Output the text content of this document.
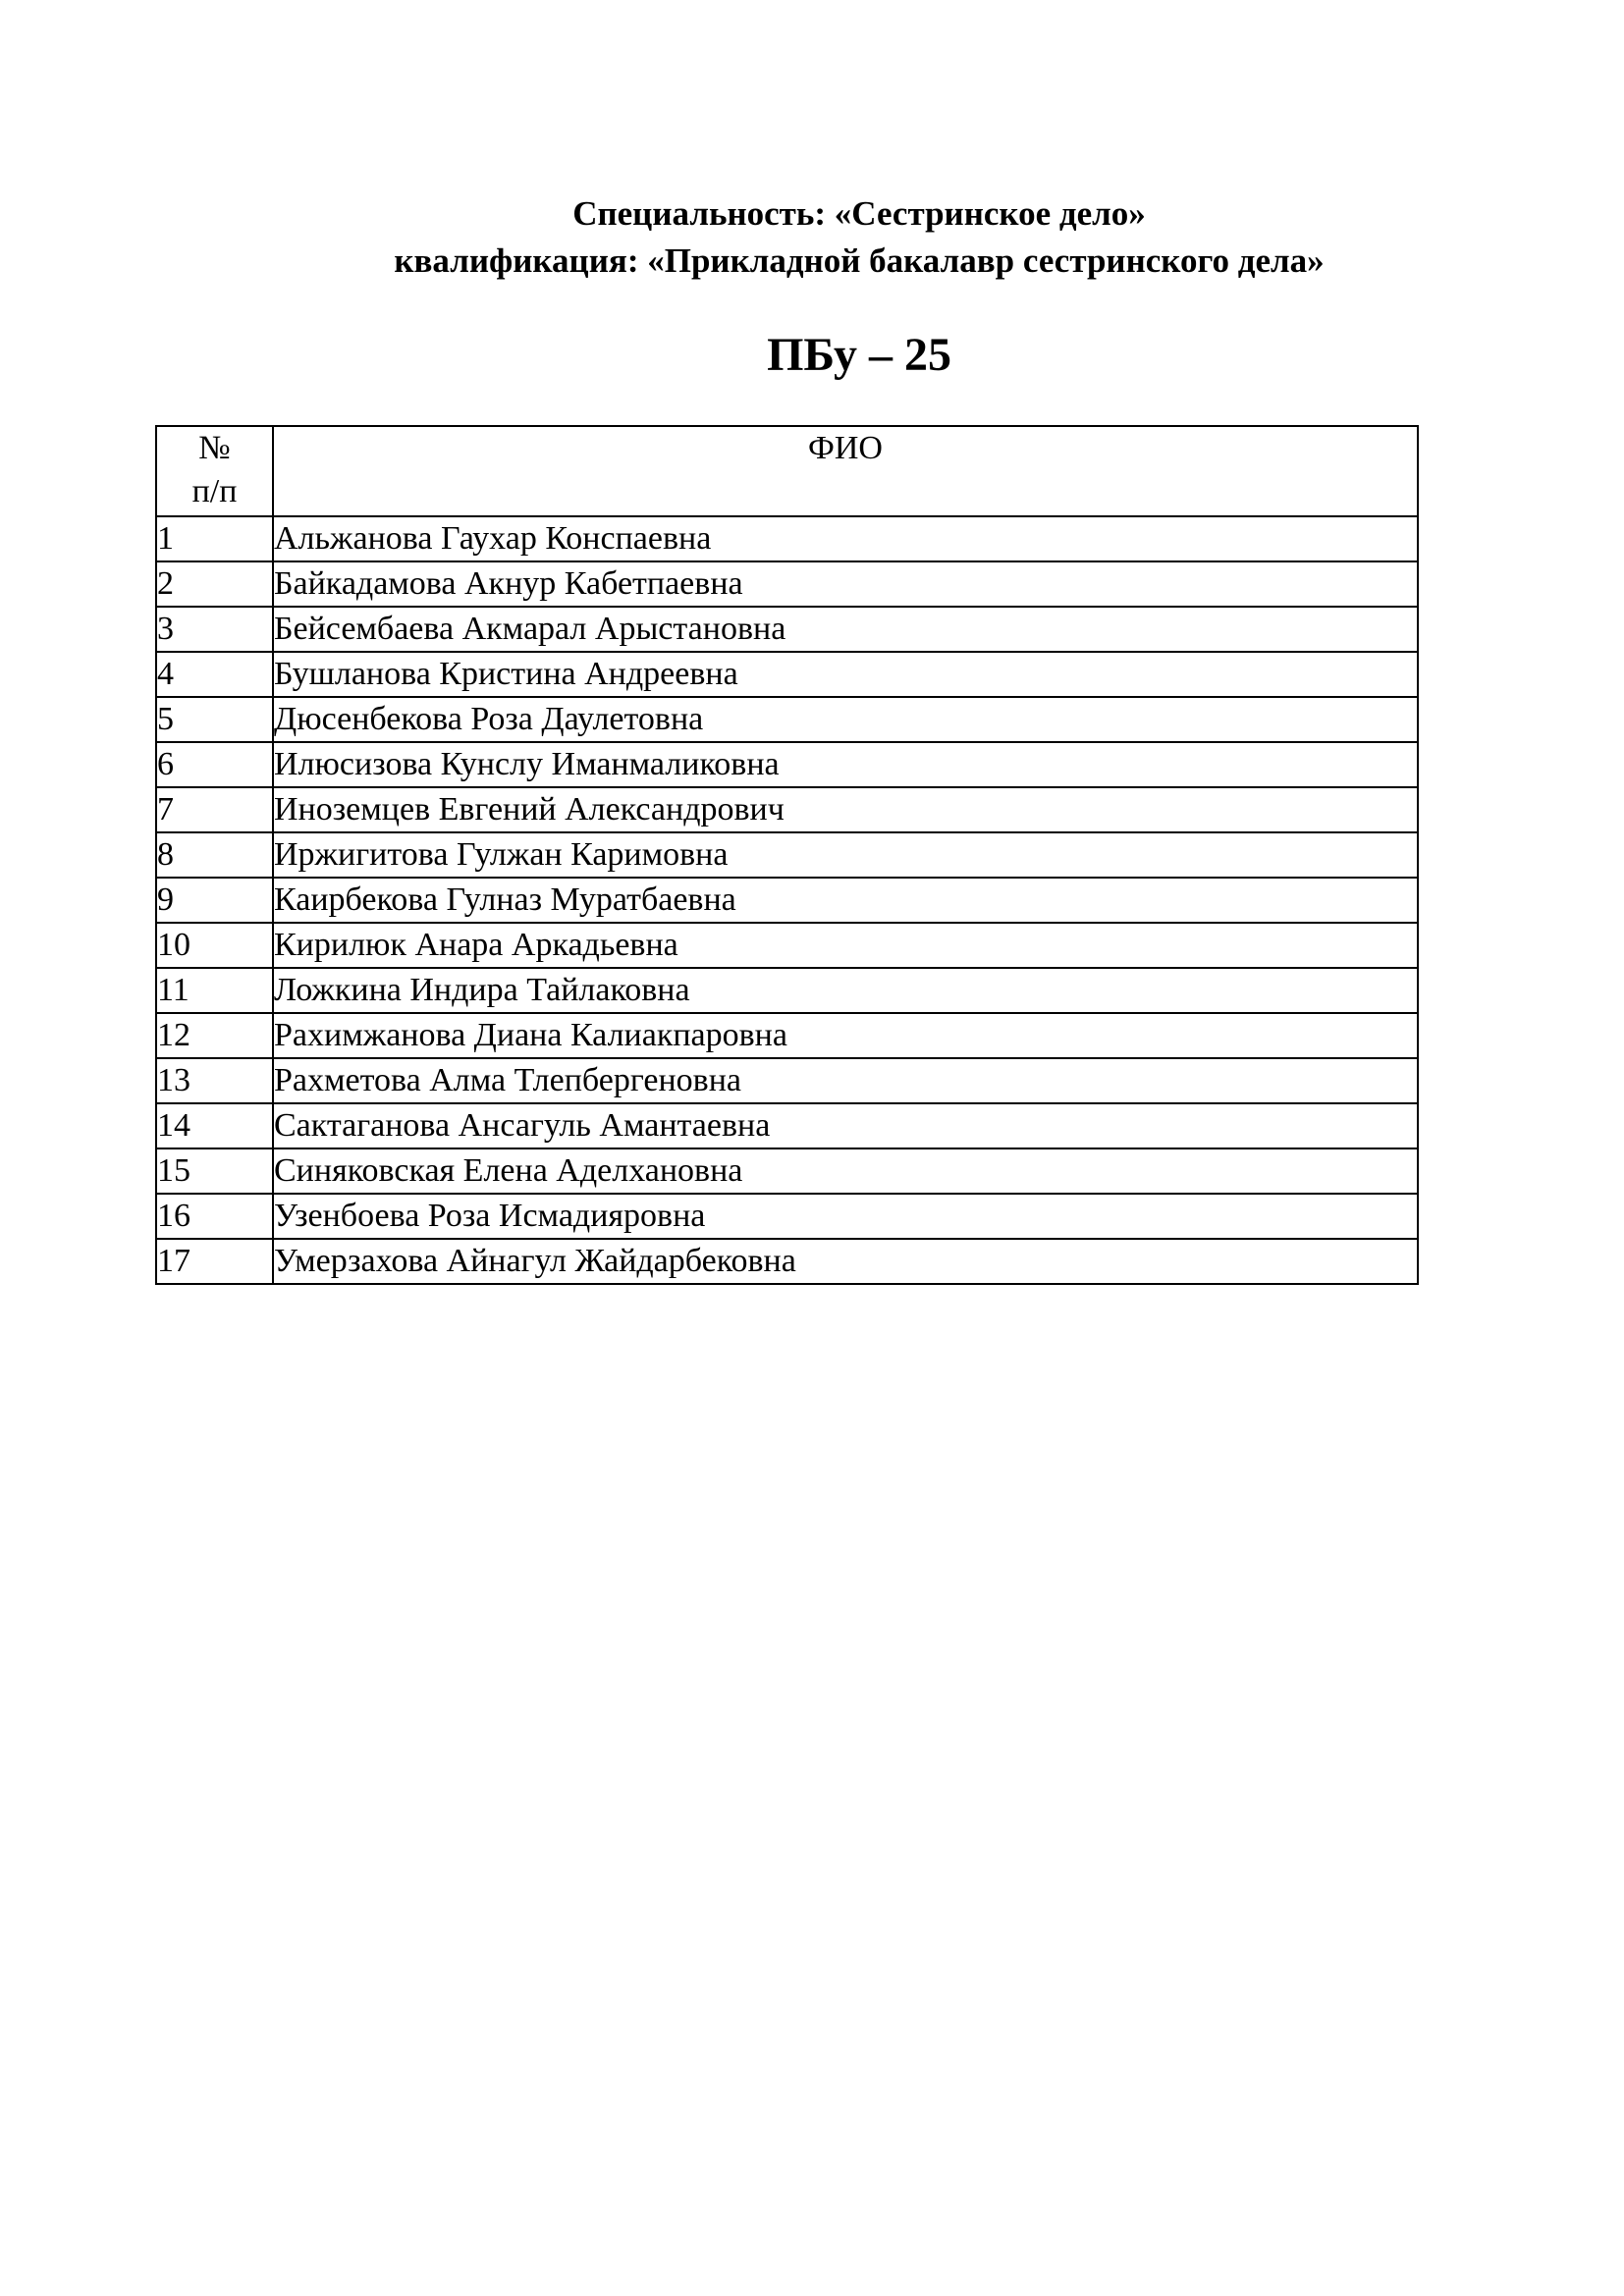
Специальность: «Сестринское дело»
квалификация: «Прикладной бакалавр сестринского дела»
ПБу – 25
№
п/п	ФИО
1	Альжанова Гаухар Конспаевна
2	Байкадамова Акнур Кабетпаевна
3	Бейсембаева Акмарал Арыстановна
4	Бушланова Кристина Андреевна
5	Дюсенбекова Роза Даулетовна
6	Илюсизова Кунслу Иманмаликовна
7	Иноземцев Евгений Александрович
8	Иржигитова Гулжан Каримовна
9	Каирбекова Гулназ Муратбаевна
10	Кирилюк Анара Аркадьевна
11	Ложкина Индира Тайлаковна
12	Рахимжанова Диана Калиакпаровна
13	Рахметова Алма Тлепбергеновна
14	Сактаганова Ансагуль Амантаевна
15	Синяковская Елена Аделхановна
16	Узенбоева Роза Исмадияровна
17	Умерзахова Айнагул Жайдарбековна
